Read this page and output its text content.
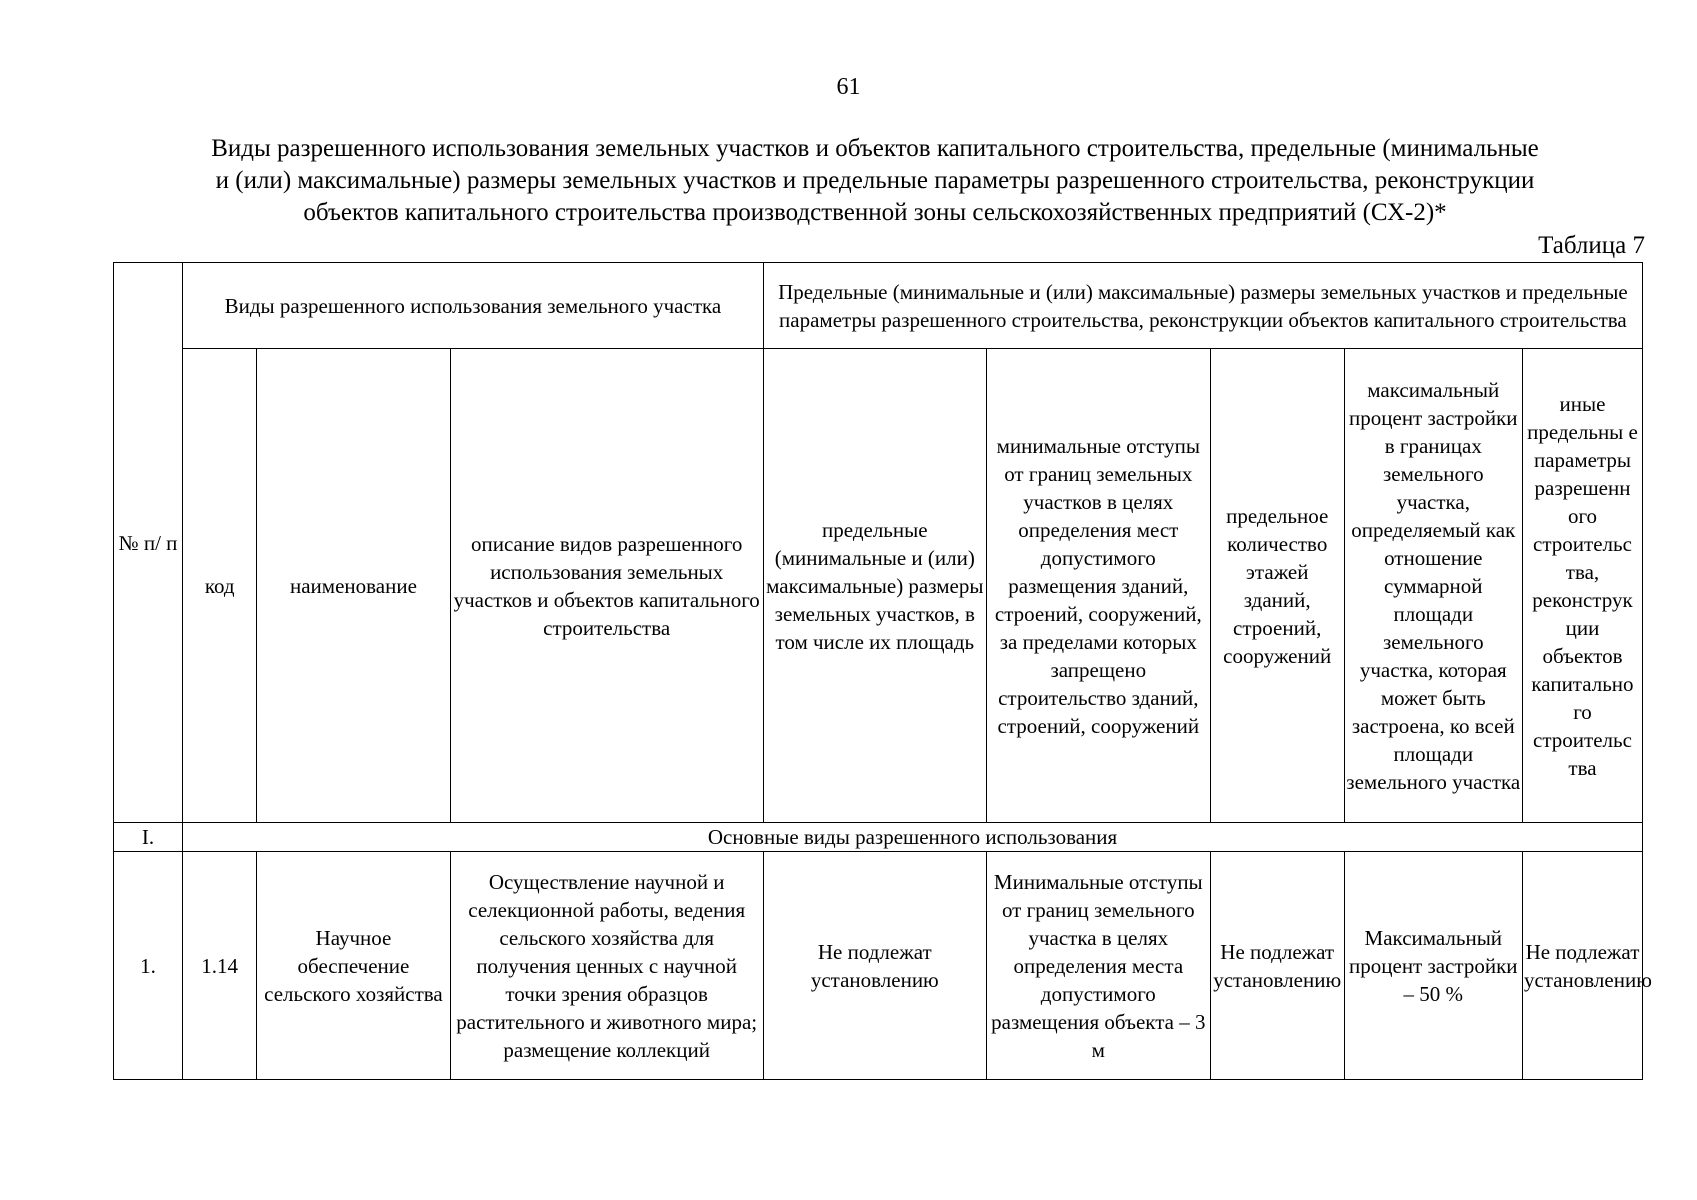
61
Виды разрешенного использования земельных участков и объектов капитального строительства, предельные (минимальные
и (или) максимальные) размеры земельных участков и предельные параметры разрешенного строительства, реконструкции
объектов капитального строительства производственной зоны сельскохозяйственных предприятий (СХ-2)*
Таблица 7
№ п/ п	Виды разрешенного использования земельного участка			Предельные (минимальные и (или) максимальные) размеры земельных участков и предельные параметры разрешенного строительства, реконструкции объектов капитального строительства				
	код	наименование	описание видов разрешенного использования земельных участков и объектов капитального строительства	предельные (минимальные и (или) максимальные) размеры земельных участков, в том числе их площадь	минимальные отступы от границ земельных участков в целях определения мест допустимого размещения зданий, строений, сооружений, за пределами которых запрещено строительство зданий, строений, сооружений	предельное количество этажей зданий, строений, сооружений	максимальный процент застройки в границах земельного участка, определяемый как отношение суммарной площади земельного участка, которая может быть застроена, ко всей площади земельного участка	иные предельны е параметры разрешенн ого строительс тва, реконструк ции объектов капитально го строительс тва
I.	Основные виды разрешенного использования							
1.	1.14	Научное обеспечение сельского хозяйства	Осуществление научной и селекционной работы, ведения сельского хозяйства для получения ценных с научной точки зрения образцов растительного и животного мира; размещение коллекций	Не подлежат установлению	Минимальные отступы от границ земельного участка в целях определения места допустимого размещения объекта – 3 м	Не подлежат установлению	Максимальный процент застройки – 50 %	Не подлежат установлению
